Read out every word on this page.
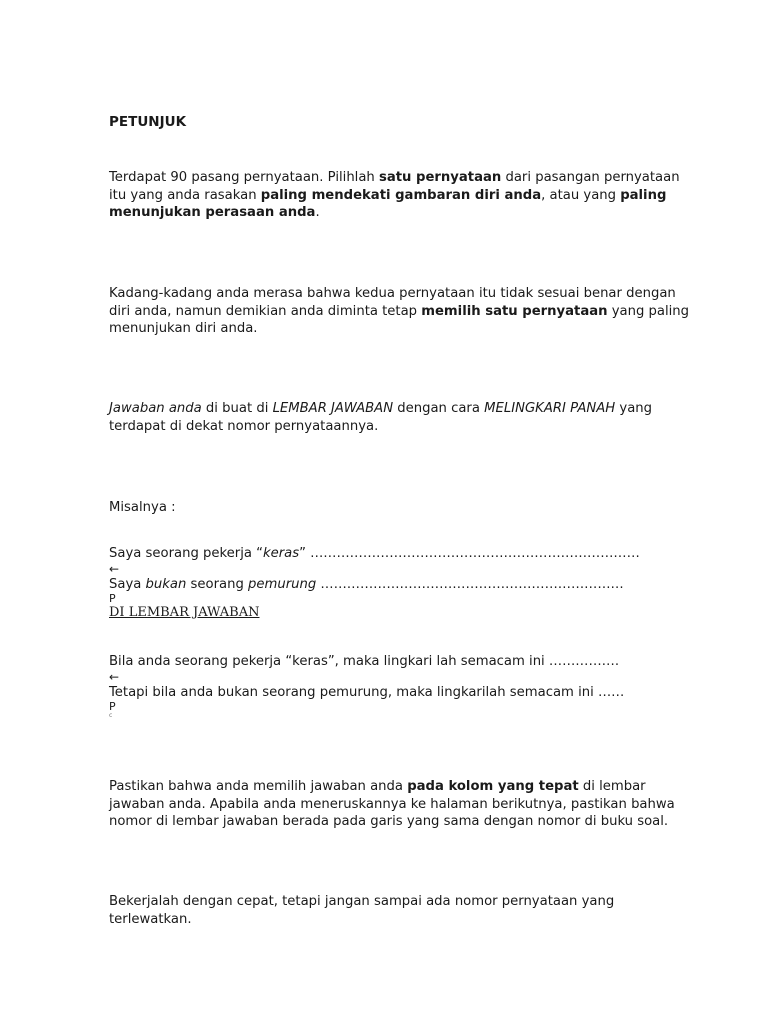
PETUNJUK
Terdapat 90 pasang pernyataan. Pilihlah satu pernyataan dari pasangan pernyataan itu yang anda rasakan paling mendekati gambaran diri anda, atau yang paling menunjukan perasaan anda.
Kadang-kadang anda merasa bahwa kedua pernyataan itu tidak sesuai benar dengan diri anda, namun demikian anda diminta tetap memilih satu pernyataan yang paling menunjukan diri anda.
Jawaban anda di buat di LEMBAR JAWABAN dengan cara MELINGKARI PANAH yang terdapat di dekat nomor pernyataannya.
Misalnya :
Saya seorang pekerja “keras” …………………………………………………………………
←
Saya bukan seorang pemurung ……………………………………………………………
P
DI LEMBAR JAWABAN
Bila anda seorang pekerja “keras”, maka lingkari lah semacam ini …………….
←
Tetapi bila anda bukan seorang pemurung, maka lingkarilah semacam ini ……
P
c
Pastikan bahwa anda memilih jawaban anda pada kolom yang tepat di lembar jawaban anda. Apabila anda meneruskannya ke halaman berikutnya, pastikan bahwa nomor di lembar jawaban berada pada garis yang sama dengan nomor di buku soal.
Bekerjalah dengan cepat, tetapi jangan sampai ada nomor pernyataan yang terlewatkan.
